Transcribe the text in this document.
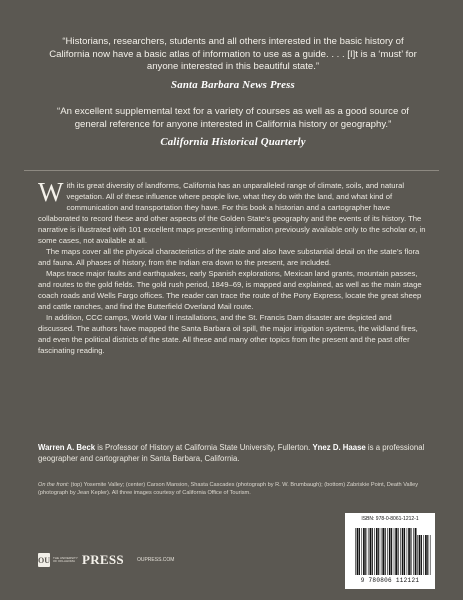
“Historians, researchers, students and all others interested in the basic history of California now have a basic atlas of information to use as a guide. . . . [I]t is a ‘must’ for anyone interested in this beautiful state.”
Santa Barbara News Press
“An excellent supplemental text for a variety of courses as well as a good source of general reference for anyone interested in California history or geography.”
California Historical Quarterly

With its great diversity of landforms, California has an unparalleled range of climate, soils, and natural vegetation. All of these influence where people live, what they do with the land, and what kind of communication and transportation they have. For this book a historian and a cartographer have collaborated to record these and other aspects of the Golden State’s geography and the events of its history. The narrative is illustrated with 101 excellent maps presenting information previously available only to the scholar or, in some cases, not available at all.

The maps cover all the physical characteristics of the state and also have substantial detail on the state’s flora and fauna. All phases of history, from the Indian era down to the present, are included.

Maps trace major faults and earthquakes, early Spanish explorations, Mexican land grants, mountain passes, and routes to the gold fields. The gold rush period, 1849–69, is mapped and explained, as well as the main stage coach roads and Wells Fargo offices. The reader can trace the route of the Pony Express, locate the great sheep and cattle ranches, and find the Butterfield Overland Mail route.

In addition, CCC camps, World War II installations, and the St. Francis Dam disaster are depicted and discussed. The authors have mapped the Santa Barbara oil spill, the major irrigation systems, the wildland fires, and even the political districts of the state. All these and many other topics from the present and the past offer fascinating reading.

Warren A. Beck is Professor of History at California State University, Fullerton. Ynez D. Haase is a professional geographer and cartographer in Santa Barbara, California.
On the front: (top) Yosemite Valley; (center) Carson Mansion, Shasta Cascades (photograph by R. W. Brumbaugh); (bottom) Zabriskie Point, Death Valley (photograph by Jean Kepler). All three images courtesy of California Office of Tourism.
OU THE UNIVERSITY OF OKLAHOMA PRESS	OUPRESS.COM
ISBN: 978-0-8061-1212-1
9 780806 112121
